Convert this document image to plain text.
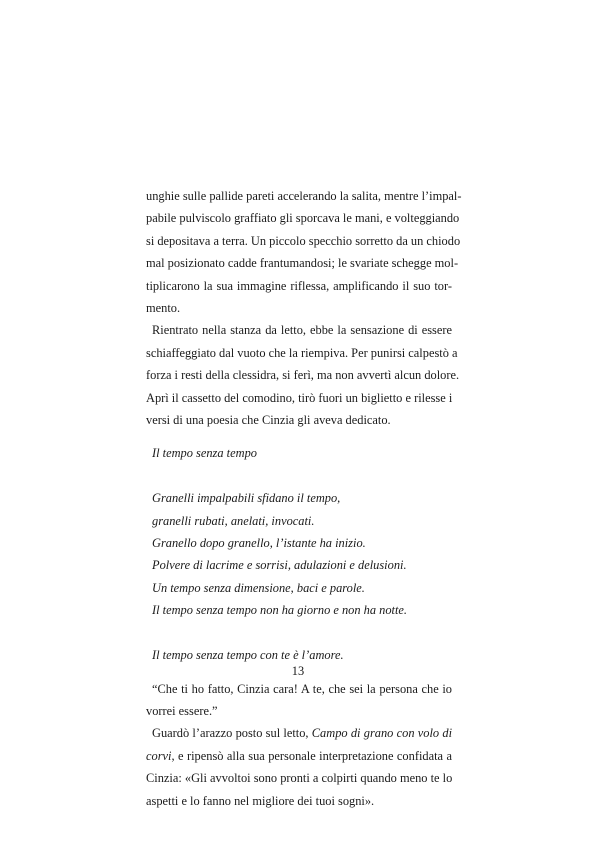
unghie sulle pallide pareti accelerando la salita, mentre l’impal-
pabile pulviscolo graffiato gli sporcava le mani, e volteggiando
si depositava a terra. Un piccolo specchio sorretto da un chiodo
mal posizionato cadde frantumandosi; le svariate schegge mol-
tiplicarono la sua immagine riflessa, amplificando il suo tor-
mento.
Rientrato nella stanza da letto, ebbe la sensazione di essere
schiaffeggiato dal vuoto che la riempiva. Per punirsi calpestò a
forza i resti della clessidra, si ferì, ma non avvertì alcun dolore.
Aprì il cassetto del comodino, tirò fuori un biglietto e rilesse i
versi di una poesia che Cinzia gli aveva dedicato.
Il tempo senza tempo
Granelli impalpabili sfidano il tempo,
granelli rubati, anelati, invocati.
Granello dopo granello, l’istante ha inizio.
Polvere di lacrime e sorrisi, adulazioni e delusioni.
Un tempo senza dimensione, baci e parole.
Il tempo senza tempo non ha giorno e non ha notte.
Il tempo senza tempo con te è l’amore.
“Che ti ho fatto, Cinzia cara! A te, che sei la persona che io
vorrei essere.”
Guardò l’arazzo posto sul letto, Campo di grano con volo di
corvi, e ripensò alla sua personale interpretazione confidata a
Cinzia: «Gli avvoltoi sono pronti a colpirti quando meno te lo
aspetti e lo fanno nel migliore dei tuoi sogni».
13
